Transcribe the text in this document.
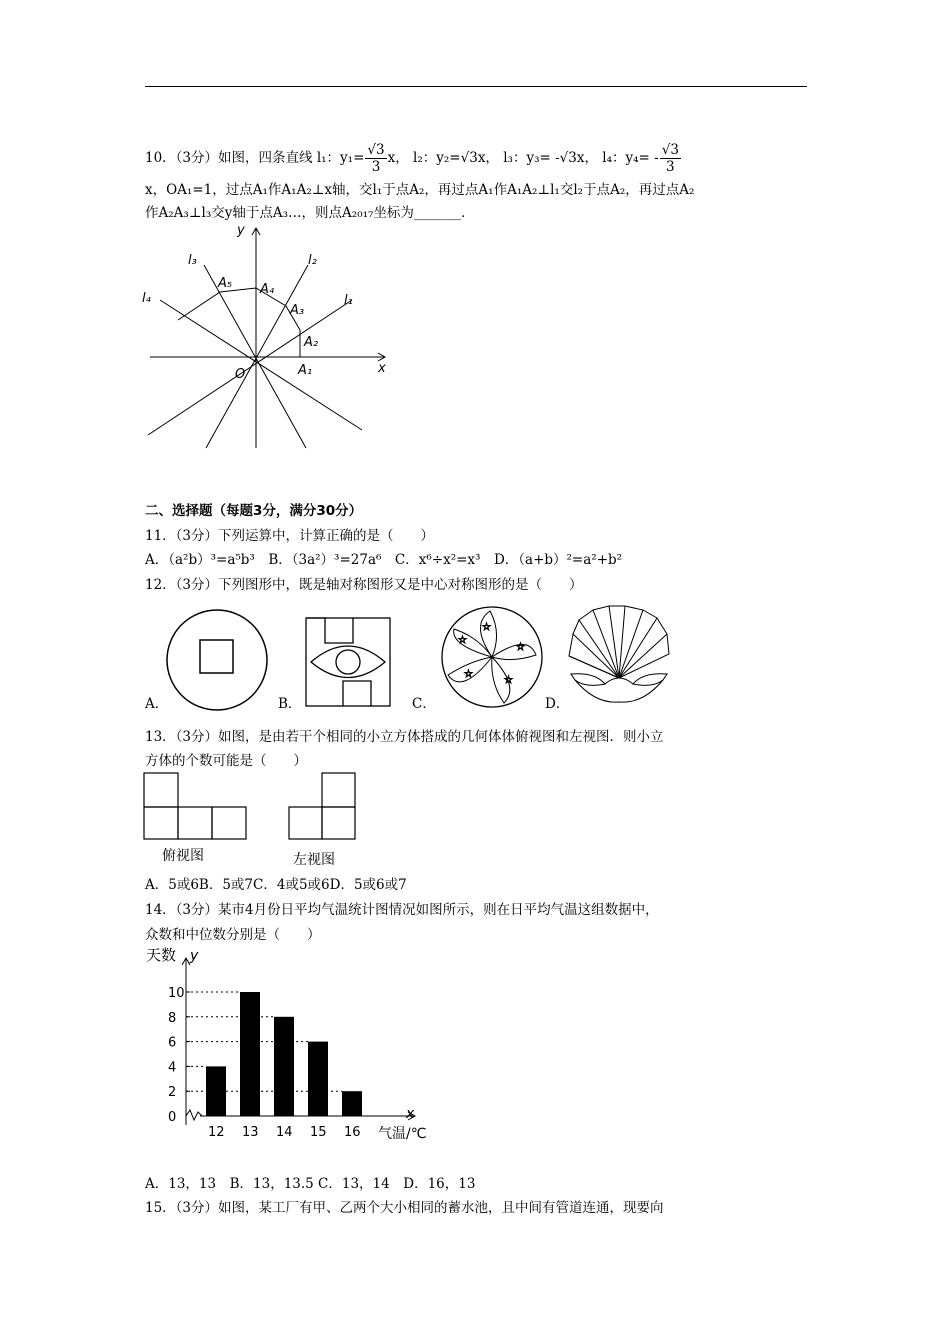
10．（3分）如图，四条直线 l₁：$y_1= \frac{√3}{3}$ x， l₂：y₂=√3x， l₃：y₃= -√3x， l₄：$y_4= - \frac{√3}{3}$
x，OA₁=1，过点A₁作A₁A₂⊥x轴，交l₁于点A₂，再过点A₁作A₁A₂⊥l₁交l₂于点A₂，再过点A₂
作A₂A₃⊥l₃交y轴于点A₃…，则点A₂₀₁₇坐标为_______．
y
x
O
l₁
l₂
l₃
l₄
A₁
A₂
A₃
A₄
A₅
二、选择题（每题3分，满分30分）
11．（3分）下列运算中，计算正确的是（　　）
A．（a²b）³=a⁵b³　B．（3a²）³=27a⁶　C．x⁶÷x²=x³　D．（a+b）²=a²+b²
12．（3分）下列图形中，既是轴对称图形又是中心对称图形的是（　　）
☆
☆
☆
☆
☆
A．	B．	C．	D．
13．（3分）如图，是由若干个相同的小立方体搭成的几何体体俯视图和左视图．则小立
方体的个数可能是（　　）
俯视图	左视图
A．5或6B．5或7C．4或5或6D．5或6或7
14．（3分）某市4月份日平均气温统计图情况如图所示，则在日平均气温这组数据中，
众数和中位数分别是（　　）
天数 y
x
气温/℃
0
2
4
6
8
10
12 13 14 15 16
A．13，13　B．13，13.5 C．13，14　D．16，13
15．（3分）如图，某工厂有甲、乙两个大小相同的蓄水池，且中间有管道连通，现要向
